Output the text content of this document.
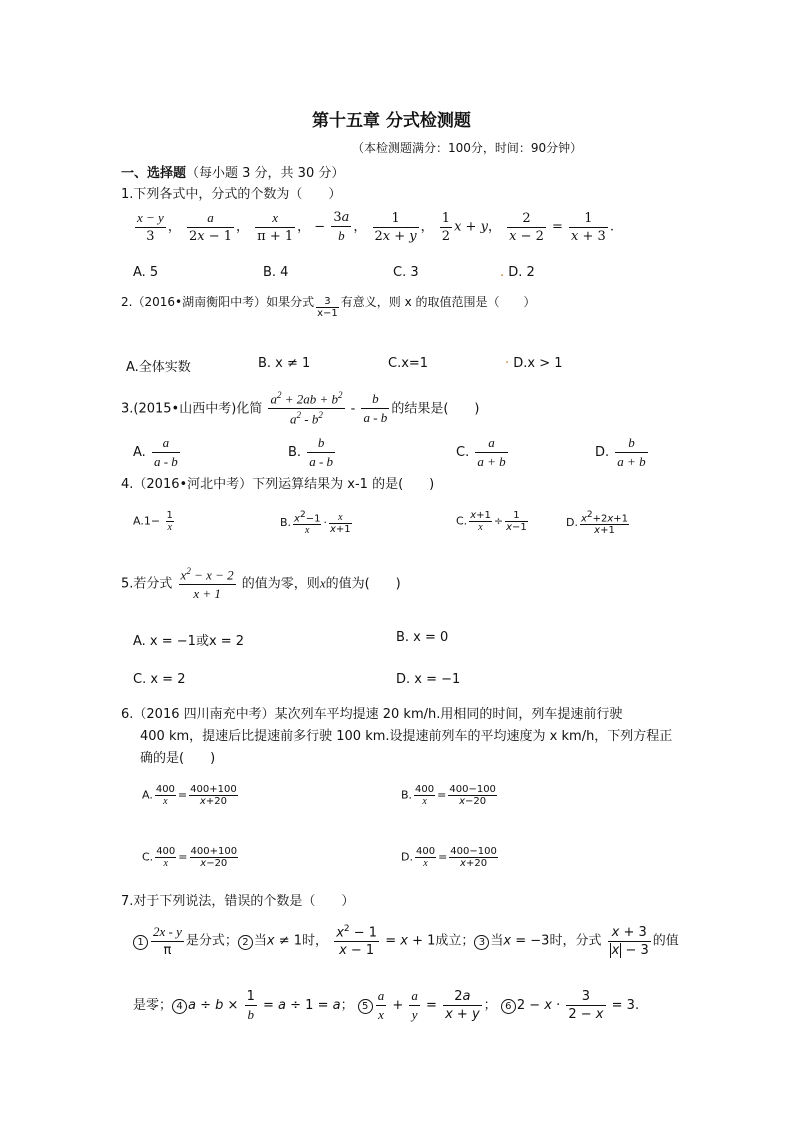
第十五章 分式检测题
（本检测题满分：100分，时间：90分钟）
一、选择题（每小题 3 分，共 30 分）
1.下列各式中，分式的个数为（　　）
$\frac{x - y}{3}$ ， $\frac{a}{2x - 1}$ ， $\frac{x}{\pi + 1}$ ， − $\frac{3a}{b}$ ， $\frac{1}{2x + y}$ ， $\frac{1}{2}$ x + y， $\frac{2}{x - 2} = \frac{1}{x + 3}$ .
A. 5	B. 4	C. 3	. D. 2
2.（2016•湖南衡阳中考）如果分式 $\frac{3}{x-1}$ 有意义，则 x 的取值范围是（　　）
A.全体实数	B. x ≠ 1	C.x=1	· D.x > 1
3.(2015•山西中考)化简 $\frac{a^2 + 2ab + b^2}{a^2 - b^2} - \frac{b}{a - b}$ 的结果是(　　)
A. $\frac{a}{a - b}$	B. $\frac{b}{a - b}$	C. $\frac{a}{a + b}$	D. $\frac{b}{a + b}$
4.（2016•河北中考）下列运算结果为 x-1 的是(　　)
$A.1- \frac{1}{x}$	B. $\frac{x2-1}{x} \cdot \frac{x}{x+1}$	C. $\frac{x+1}{x} \div \frac{1}{x-1}$	D. $\frac{x2+2x+1}{x+1}$
5.若分式 $\frac{x^2 - x - 2}{x + 1}$ 的值为零，则x的值为(　　)
A. x = −1或x = 2	B. x = 0
C. x = 2	D. x = −1
6.（2016 四川南充中考）某次列车平均提速 20 km/h.用相同的时间，列车提速前行驶
400 km，提速后比提速前多行驶 100 km.设提速前列车的平均速度为 x km/h，下列方程正
确的是(　　)
A. $\frac{400}{x} = \frac{400+100}{x+20}$	B. $\frac{400}{x} = \frac{400-100}{x-20}$
C. $\frac{400}{x} = \frac{400+100}{x-20}$	D. $\frac{400}{x} = \frac{400-100}{x+20}$
7.对于下列说法，错误的个数是（　　）
$1 \frac{2x - y}{\pi}$ 是分式； 2 当x ≠ 1时， $\frac{x^2 - 1}{x - 1} = x + 1$成立； 3 当x = −3时，分式 $\frac{x + 3}{x - 3}$ 的值
是零； 4 $a \div b \times \frac{1}{b} = a \div 1 = a$； $5 \frac{a}{x} + \frac{a}{y} = \frac{2a}{x + y}$ ； 6 $2 - x \cdot \frac{3}{2 - x} = 3$.
